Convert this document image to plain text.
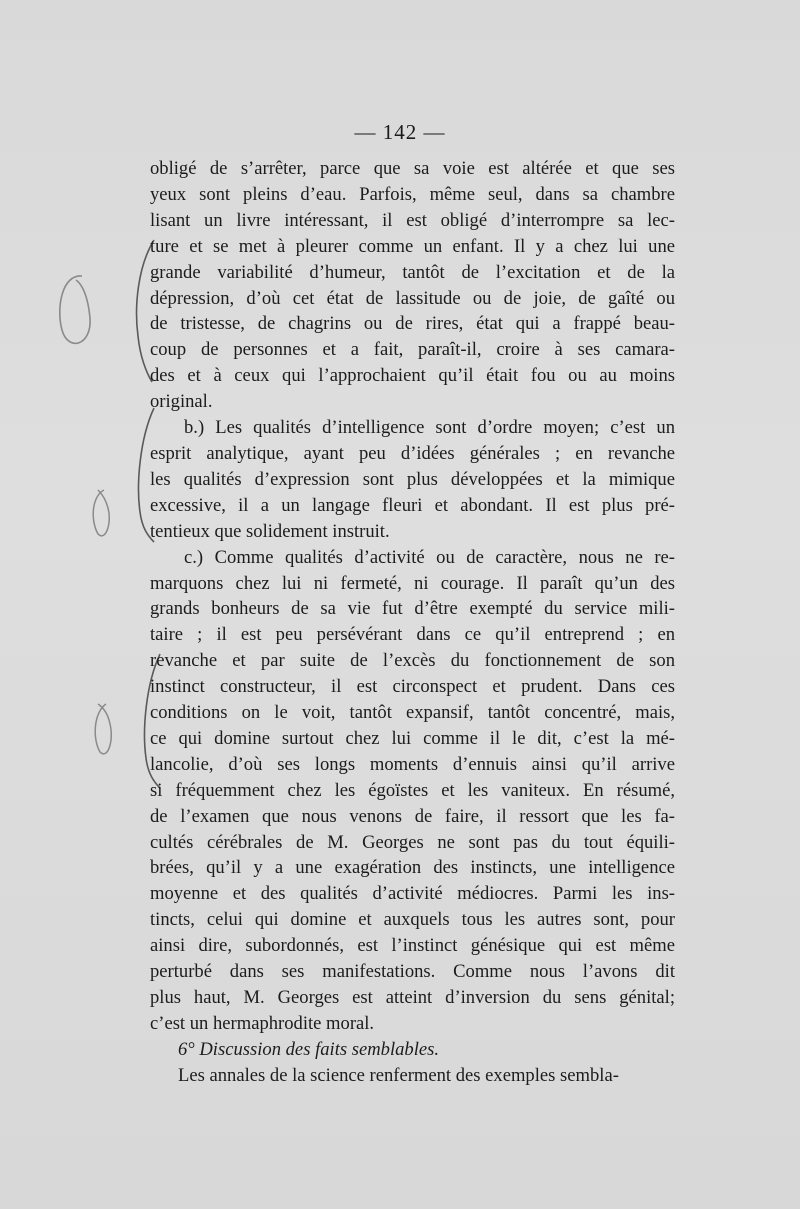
— 142 —
obligé de s’arrêter, parce que sa voie est altérée et que ses
yeux sont pleins d’eau. Parfois, même seul, dans sa chambre
lisant un livre intéressant, il est obligé d’interrompre sa lec-
ture et se met à pleurer comme un enfant. Il y a chez lui une
grande variabilité d’humeur, tantôt de l’excitation et de la
dépression, d’où cet état de lassitude ou de joie, de gaîté ou
de tristesse, de chagrins ou de rires, état qui a frappé beau-
coup de personnes et a fait, paraît-il, croire à ses camara-
des et à ceux qui l’approchaient qu’il était fou ou au moins
original.
b.) Les qualités d’intelligence sont d’ordre moyen; c’est un
esprit analytique, ayant peu d’idées générales ; en revanche
les qualités d’expression sont plus développées et la mimique
excessive, il a un langage fleuri et abondant. Il est plus pré-
tentieux que solidement instruit.
c.) Comme qualités d’activité ou de caractère, nous ne re-
marquons chez lui ni fermeté, ni courage. Il paraît qu’un des
grands bonheurs de sa vie fut d’être exempté du service mili-
taire ; il est peu persévérant dans ce qu’il entreprend ; en
revanche et par suite de l’excès du fonctionnement de son
instinct constructeur, il est circonspect et prudent. Dans ces
conditions on le voit, tantôt expansif, tantôt concentré, mais,
ce qui domine surtout chez lui comme il le dit, c’est la mé-
lancolie, d’où ses longs moments d’ennuis ainsi qu’il arrive
si fréquemment chez les égoïstes et les vaniteux. En résumé,
de l’examen que nous venons de faire, il ressort que les fa-
cultés cérébrales de M. Georges ne sont pas du tout équili-
brées, qu’il y a une exagération des instincts, une intelligence
moyenne et des qualités d’activité médiocres. Parmi les ins-
tincts, celui qui domine et auxquels tous les autres sont, pour
ainsi dire, subordonnés, est l’instinct génésique qui est même
perturbé dans ses manifestations. Comme nous l’avons dit
plus haut, M. Georges est atteint d’inversion du sens génital;
c’est un hermaphrodite moral.
6° Discussion des faits semblables.
Les annales de la science renferment des exemples sembla-
